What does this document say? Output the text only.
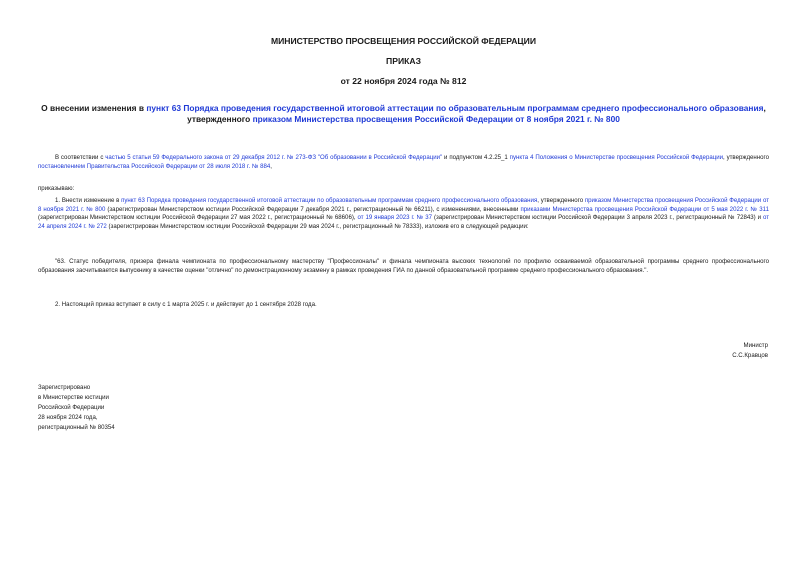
МИНИСТЕРСТВО ПРОСВЕЩЕНИЯ РОССИЙСКОЙ ФЕДЕРАЦИИ
ПРИКАЗ
от 22 ноября 2024 года № 812
О внесении изменения в пункт 63 Порядка проведения государственной итоговой аттестации по образовательным программам среднего профессионального образования, утвержденного приказом Министерства просвещения Российской Федерации от 8 ноября 2021 г. № 800
В соответствии с частью 5 статьи 59 Федерального закона от 29 декабря 2012 г. № 273-ФЗ "Об образовании в Российской Федерации" и подпунктом 4.2.25_1 пункта 4 Положения о Министерстве просвещения Российской Федерации, утвержденного постановлением Правительства Российской Федерации от 28 июля 2018 г. № 884,
приказываю:
1. Внести изменение в пункт 63 Порядка проведения государственной итоговой аттестации по образовательным программам среднего профессионального образования, утвержденного приказом Министерства просвещения Российской Федерации от 8 ноября 2021 г. № 800 (зарегистрирован Министерством юстиции Российской Федерации 7 декабря 2021 г., регистрационный № 66211), с изменениями, внесенными приказами Министерства просвещения Российской Федерации от 5 мая 2022 г. № 311 (зарегистрирован Министерством юстиции Российской Федерации 27 мая 2022 г., регистрационный № 68606), от 19 января 2023 г. № 37 (зарегистрирован Министерством юстиции Российской Федерации 3 апреля 2023 г., регистрационный № 72843) и от 24 апреля 2024 г. № 272 (зарегистрирован Министерством юстиции Российской Федерации 29 мая 2024 г., регистрационный № 78333), изложив его в следующей редакции:
"63. Статус победителя, призера финала чемпионата по профессиональному мастерству "Профессионалы" и финала чемпионата высоких технологий по профилю осваиваемой образовательной программы среднего профессионального образования засчитывается выпускнику в качестве оценки "отлично" по демонстрационному экзамену в рамках проведения ГИА по данной образовательной программе среднего профессионального образования.".
2. Настоящий приказ вступает в силу с 1 марта 2025 г. и действует до 1 сентября 2028 года.
Министр
С.С.Кравцов
Зарегистрировано
в Министерстве юстиции
Российской Федерации
28 ноября 2024 года,
регистрационный № 80354
